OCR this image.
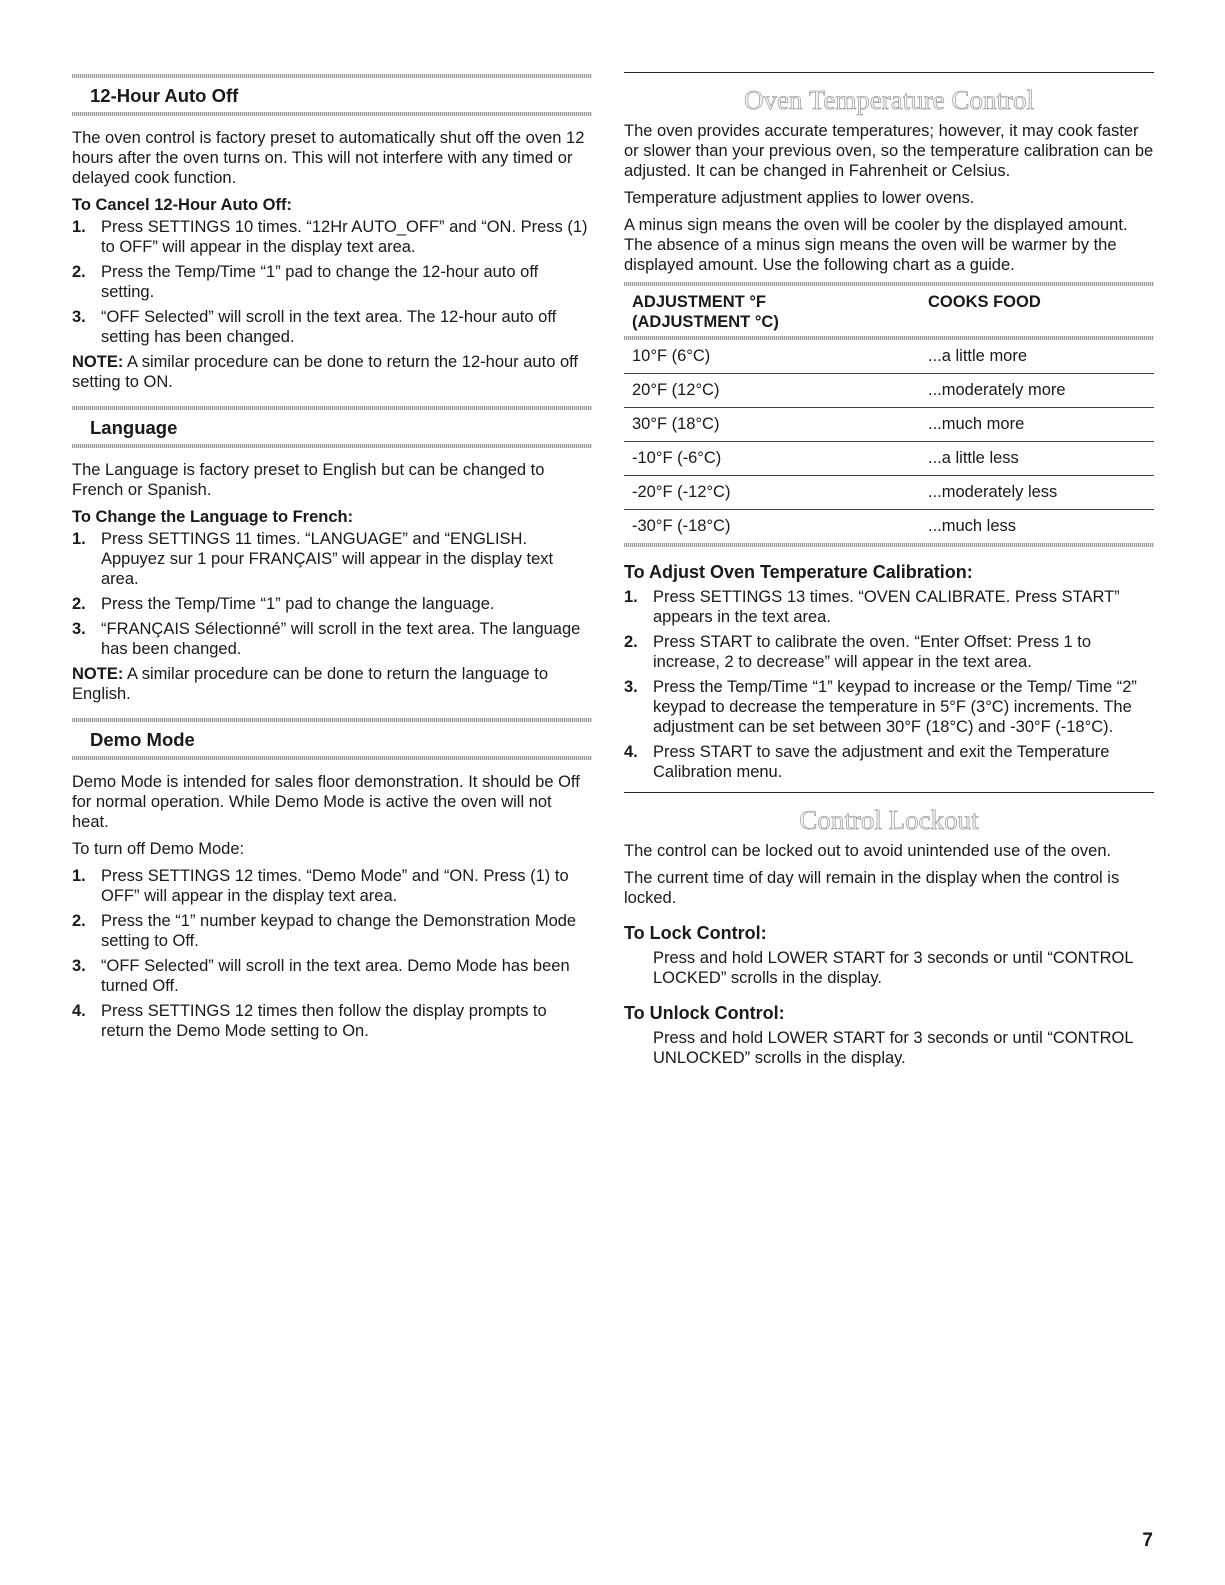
12-Hour Auto Off

The oven control is factory preset to automatically shut off the oven 12 hours after the oven turns on. This will not interfere with any timed or delayed cook function.

To Cancel 12-Hour Auto Off:
1. Press SETTINGS 10 times. “12Hr AUTO_OFF” and “ON. Press (1) to OFF” will appear in the display text area.
2. Press the Temp/Time “1” pad to change the 12-hour auto off setting.
3. “OFF Selected” will scroll in the text area. The 12-hour auto off setting has been changed.

NOTE: A similar procedure can be done to return the 12-hour auto off setting to ON.

Language

The Language is factory preset to English but can be changed to French or Spanish.

To Change the Language to French:
1. Press SETTINGS 11 times. “LANGUAGE” and “ENGLISH. Appuyez sur 1 pour FRANÇAIS” will appear in the display text area.
2. Press the Temp/Time “1” pad to change the language.
3. “FRANÇAIS Sélectionné” will scroll in the text area. The language has been changed.

NOTE: A similar procedure can be done to return the language to English.

Demo Mode

Demo Mode is intended for sales floor demonstration. It should be Off for normal operation. While Demo Mode is active the oven will not heat.

To turn off Demo Mode:

1. Press SETTINGS 12 times. “Demo Mode” and “ON. Press (1) to OFF” will appear in the display text area.
2. Press the “1” number keypad to change the Demonstration Mode setting to Off.
3. “OFF Selected” will scroll in the text area. Demo Mode has been turned Off.
4. Press SETTINGS 12 times then follow the display prompts to return the Demo Mode setting to On.
Oven Temperature Control

The oven provides accurate temperatures; however, it may cook faster or slower than your previous oven, so the temperature calibration can be adjusted. It can be changed in Fahrenheit or Celsius.

Temperature adjustment applies to lower ovens.

A minus sign means the oven will be cooler by the displayed amount. The absence of a minus sign means the oven will be warmer by the displayed amount. Use the following chart as a guide.

ADJUSTMENT °F
(ADJUSTMENT °C)	COOKS FOOD

10°F (6°C)	...a little more
20°F (12°C)	...moderately more
30°F (18°C)	...much more
-10°F (-6°C)	...a little less
-20°F (-12°C)	...moderately less
-30°F (-18°C)	...much less
To Adjust Oven Temperature Calibration:
1. Press SETTINGS 13 times. “OVEN CALIBRATE. Press START” appears in the text area.
2. Press START to calibrate the oven. “Enter Offset: Press 1 to increase, 2 to decrease” will appear in the text area.
3. Press the Temp/Time “1” keypad to increase or the Temp/ Time “2” keypad to decrease the temperature in 5°F (3°C) increments. The adjustment can be set between 30°F (18°C) and -30°F (-18°C).
4. Press START to save the adjustment and exit the Temperature Calibration menu.
Control Lockout

The control can be locked out to avoid unintended use of the oven.

The current time of day will remain in the display when the control is locked.

To Lock Control:

Press and hold LOWER START for 3 seconds or until “CONTROL LOCKED” scrolls in the display.

To Unlock Control:

Press and hold LOWER START for 3 seconds or until “CONTROL UNLOCKED” scrolls in the display.

7
